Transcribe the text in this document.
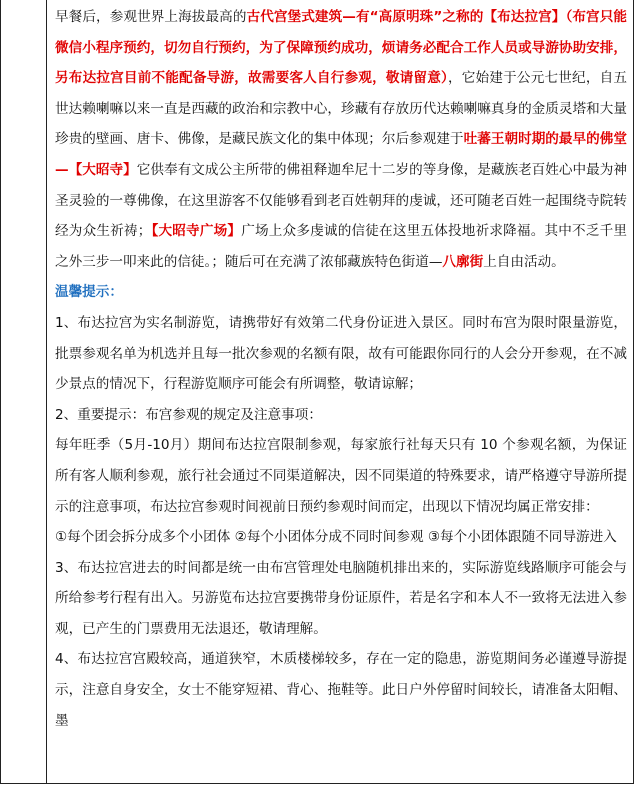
早餐后，参观世界上海拔最高的古代宫堡式建筑—有“高原明珠”之称的【布达拉宫】（布宫只能微信小程序预约，切勿自行预约，为了保障预约成功，烦请务必配合工作人员或导游协助安排，另布达拉宫目前不能配备导游，故需要客人自行参观，敬请留意），它始建于公元七世纪，自五世达赖喇嘛以来一直是西藏的政治和宗教中心，珍藏有存放历代达赖喇嘛真身的金质灵塔和大量珍贵的壁画、唐卡、佛像，是藏民族文化的集中体现；尔后参观建于吐蕃王朝时期的最早的佛堂—【大昭寺】它供奉有文成公主所带的佛祖释迦牟尼十二岁的等身像，是藏族老百姓心中最为神圣灵验的一尊佛像，在这里游客不仅能够看到老百姓朝拜的虔诚，还可随老百姓一起围绕寺院转经为众生祈祷；【大昭寺广场】广场上众多虔诚的信徒在这里五体投地祈求降福。其中不乏千里之外三步一叩来此的信徒。；随后可在充满了浓郁藏族特色街道—八廓街上自由活动。

温馨提示：

1、布达拉宫为实名制游览，请携带好有效第二代身份证进入景区。同时布宫为限时限量游览，批票参观名单为机选并且每一批次参观的名额有限，故有可能跟你同行的人会分开参观，在不减少景点的情况下，行程游览顺序可能会有所调整，敬请谅解；

2、重要提示：布宫参观的规定及注意事项：

每年旺季（5月-10月）期间布达拉宫限制参观，每家旅行社每天只有 10 个参观名额，为保证所有客人顺利参观，旅行社会通过不同渠道解决，因不同渠道的特殊要求，请严格遵守导游所提示的注意事项，布达拉宫参观时间视前日预约参观时间而定，出现以下情况均属正常安排：

①每个团会拆分成多个小团体 ②每个小团体分成不同时间参观 ③每个小团体跟随不同导游进入

3、布达拉宫进去的时间都是统一由布宫管理处电脑随机排出来的，实际游览线路顺序可能会与所给参考行程有出入。另游览布达拉宫要携带身份证原件，若是名字和本人不一致将无法进入参观，已产生的门票费用无法退还，敬请理解。

4、布达拉宫宫殿较高，通道狭窄，木质楼梯较多，存在一定的隐患，游览期间务必谨遵导游提示，注意自身安全，女士不能穿短裙、背心、拖鞋等。此日户外停留时间较长，请准备太阳帽、墨
